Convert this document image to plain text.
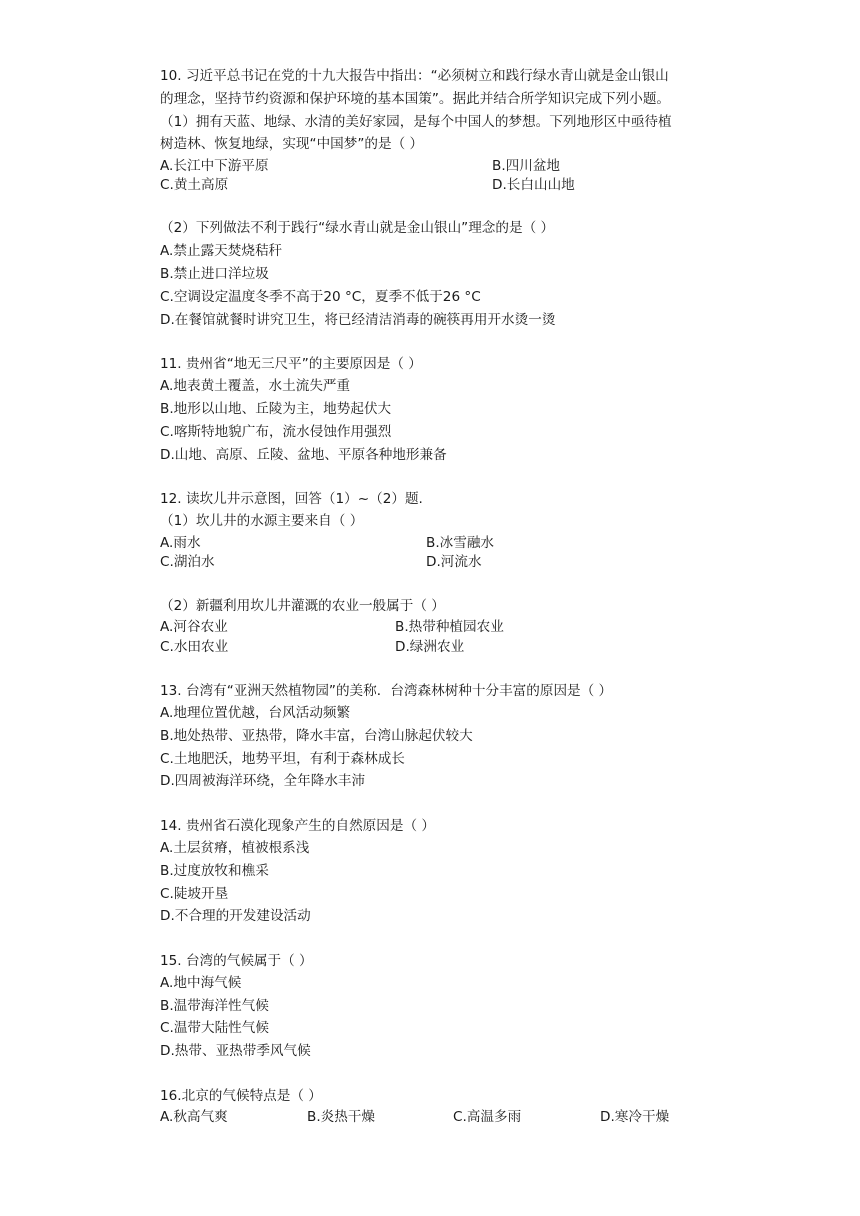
10. 习近平总书记在党的十九大报告中指出：“必须树立和践行绿水青山就是金山银山
的理念，坚持节约资源和保护环境的基本国策”。据此并结合所学知识完成下列小题。
（1）拥有天蓝、地绿、水清的美好家园，是每个中国人的梦想。下列地形区中亟待植
树造林、恢复地绿，实现“中国梦”的是（ ）
A.长江中下游平原	B.四川盆地
C.黄土高原	D.长白山山地
（2）下列做法不利于践行“绿水青山就是金山银山”理念的是（ ）
A.禁止露天焚烧秸秆
B.禁止进口洋垃圾
C.空调设定温度冬季不高于20 °C，夏季不低于26 °C
D.在餐馆就餐时讲究卫生，将已经清洁消毒的碗筷再用开水烫一烫
11. 贵州省“地无三尺平”的主要原因是（ ）
A.地表黄土覆盖，水土流失严重
B.地形以山地、丘陵为主，地势起伏大
C.喀斯特地貌广布，流水侵蚀作用强烈
D.山地、高原、丘陵、盆地、平原各种地形兼备
12. 读坎儿井示意图，回答（1）~（2）题.
（1）坎儿井的水源主要来自（ ）
A.雨水	B.冰雪融水
C.湖泊水	D.河流水
（2）新疆利用坎儿井灌溉的农业一般属于（ ）
A.河谷农业	B.热带种植园农业
C.水田农业	D.绿洲农业
13. 台湾有“亚洲天然植物园”的美称．台湾森林树种十分丰富的原因是（ ）
A.地理位置优越，台风活动频繁
B.地处热带、亚热带，降水丰富，台湾山脉起伏较大
C.土地肥沃，地势平坦，有利于森林成长
D.四周被海洋环绕，全年降水丰沛
14. 贵州省石漠化现象产生的自然原因是（ ）
A.土层贫瘠，植被根系浅
B.过度放牧和樵采
C.陡坡开垦
D.不合理的开发建设活动
15. 台湾的气候属于（ ）
A.地中海气候
B.温带海洋性气候
C.温带大陆性气候
D.热带、亚热带季风气候
16.北京的气候特点是（ ）
A.秋高气爽	B.炎热干燥	C.高温多雨	D.寒冷干燥
